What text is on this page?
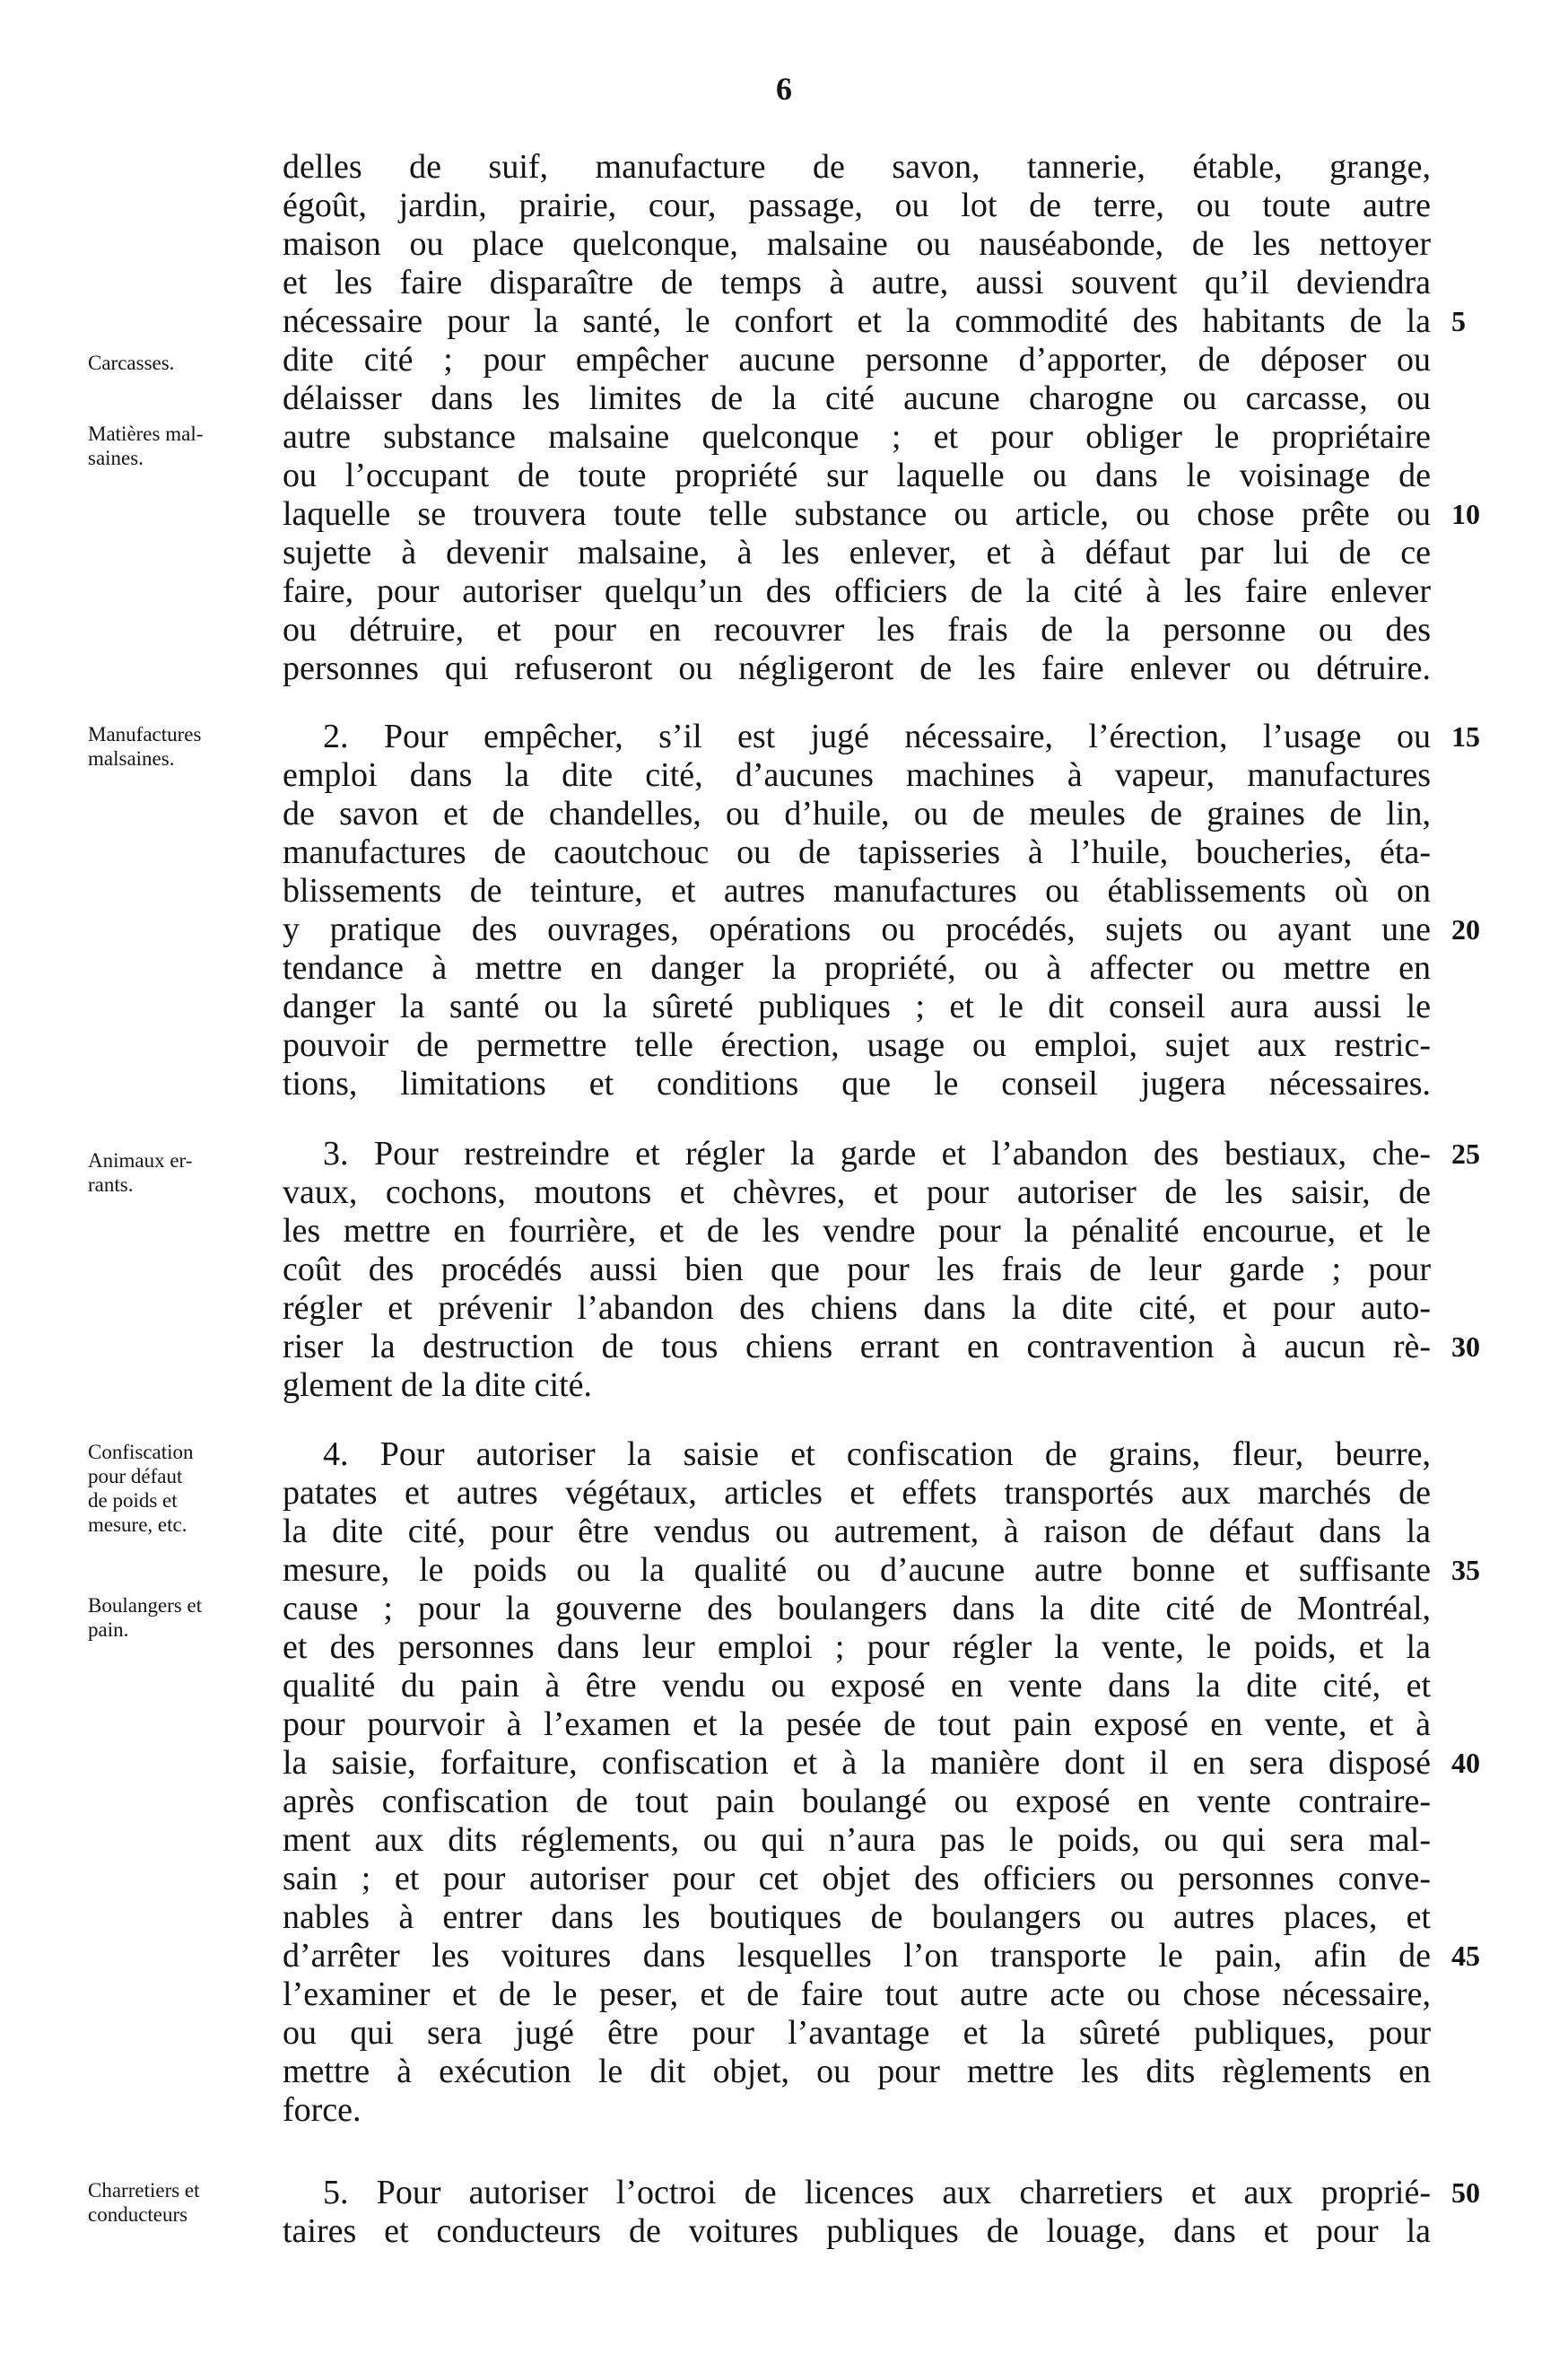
6
delles de suif, manufacture de savon, tannerie, étable, grange,
égoût, jardin, prairie, cour, passage, ou lot de terre, ou toute autre
maison ou place quelconque, malsaine ou nauséabonde, de les nettoyer
et les faire disparaître de temps à autre, aussi souvent qu’il deviendra
nécessaire pour la santé, le confort et la commodité des habitants de la
dite cité ; pour empêcher aucune personne d’apporter, de déposer ou
délaisser dans les limites de la cité aucune charogne ou carcasse, ou
autre substance malsaine quelconque ; et pour obliger le propriétaire
ou l’occupant de toute propriété sur laquelle ou dans le voisinage de
laquelle se trouvera toute telle substance ou article, ou chose prête ou
sujette à devenir malsaine, à les enlever, et à défaut par lui de ce
faire, pour autoriser quelqu’un des officiers de la cité à les faire enlever
ou détruire, et pour en recouvrer les frais de la personne ou des
personnes qui refuseront ou négligeront de les faire enlever ou détruire.
2. Pour empêcher, s’il est jugé nécessaire, l’érection, l’usage ou
emploi dans la dite cité, d’aucunes machines à vapeur, manufactures
de savon et de chandelles, ou d’huile, ou de meules de graines de lin,
manufactures de caoutchouc ou de tapisseries à l’huile, boucheries, éta-
blissements de teinture, et autres manufactures ou établissements où on
y pratique des ouvrages, opérations ou procédés, sujets ou ayant une
tendance à mettre en danger la propriété, ou à affecter ou mettre en
danger la santé ou la sûreté publiques ; et le dit conseil aura aussi le
pouvoir de permettre telle érection, usage ou emploi, sujet aux restric-
tions, limitations et conditions que le conseil jugera nécessaires.
3. Pour restreindre et régler la garde et l’abandon des bestiaux, che-
vaux, cochons, moutons et chèvres, et pour autoriser de les saisir, de
les mettre en fourrière, et de les vendre pour la pénalité encourue, et le
coût des procédés aussi bien que pour les frais de leur garde ; pour
régler et prévenir l’abandon des chiens dans la dite cité, et pour auto-
riser la destruction de tous chiens errant en contravention à aucun rè-
glement de la dite cité.
4. Pour autoriser la saisie et confiscation de grains, fleur, beurre,
patates et autres végétaux, articles et effets transportés aux marchés de
la dite cité, pour être vendus ou autrement, à raison de défaut dans la
mesure, le poids ou la qualité ou d’aucune autre bonne et suffisante
cause ; pour la gouverne des boulangers dans la dite cité de Montréal,
et des personnes dans leur emploi ; pour régler la vente, le poids, et la
qualité du pain à être vendu ou exposé en vente dans la dite cité, et
pour pourvoir à l’examen et la pesée de tout pain exposé en vente, et à
la saisie, forfaiture, confiscation et à la manière dont il en sera disposé
après confiscation de tout pain boulangé ou exposé en vente contraire-
ment aux dits réglements, ou qui n’aura pas le poids, ou qui sera mal-
sain ; et pour autoriser pour cet objet des officiers ou personnes conve-
nables à entrer dans les boutiques de boulangers ou autres places, et
d’arrêter les voitures dans lesquelles l’on transporte le pain, afin de
l’examiner et de le peser, et de faire tout autre acte ou chose nécessaire,
ou qui sera jugé être pour l’avantage et la sûreté publiques, pour
mettre à exécution le dit objet, ou pour mettre les dits règlements en
force.
5. Pour autoriser l’octroi de licences aux charretiers et aux proprié-
taires et conducteurs de voitures publiques de louage, dans et pour la
Carcasses.
Matières mal-
saines.
Manufactures
malsaines.
Animaux er-
rants.
Confiscation
pour défaut
de poids et
mesure, etc.
Boulangers et
pain.
Charretiers et
conducteurs
5
10
15
20
25
30
35
40
45
50
